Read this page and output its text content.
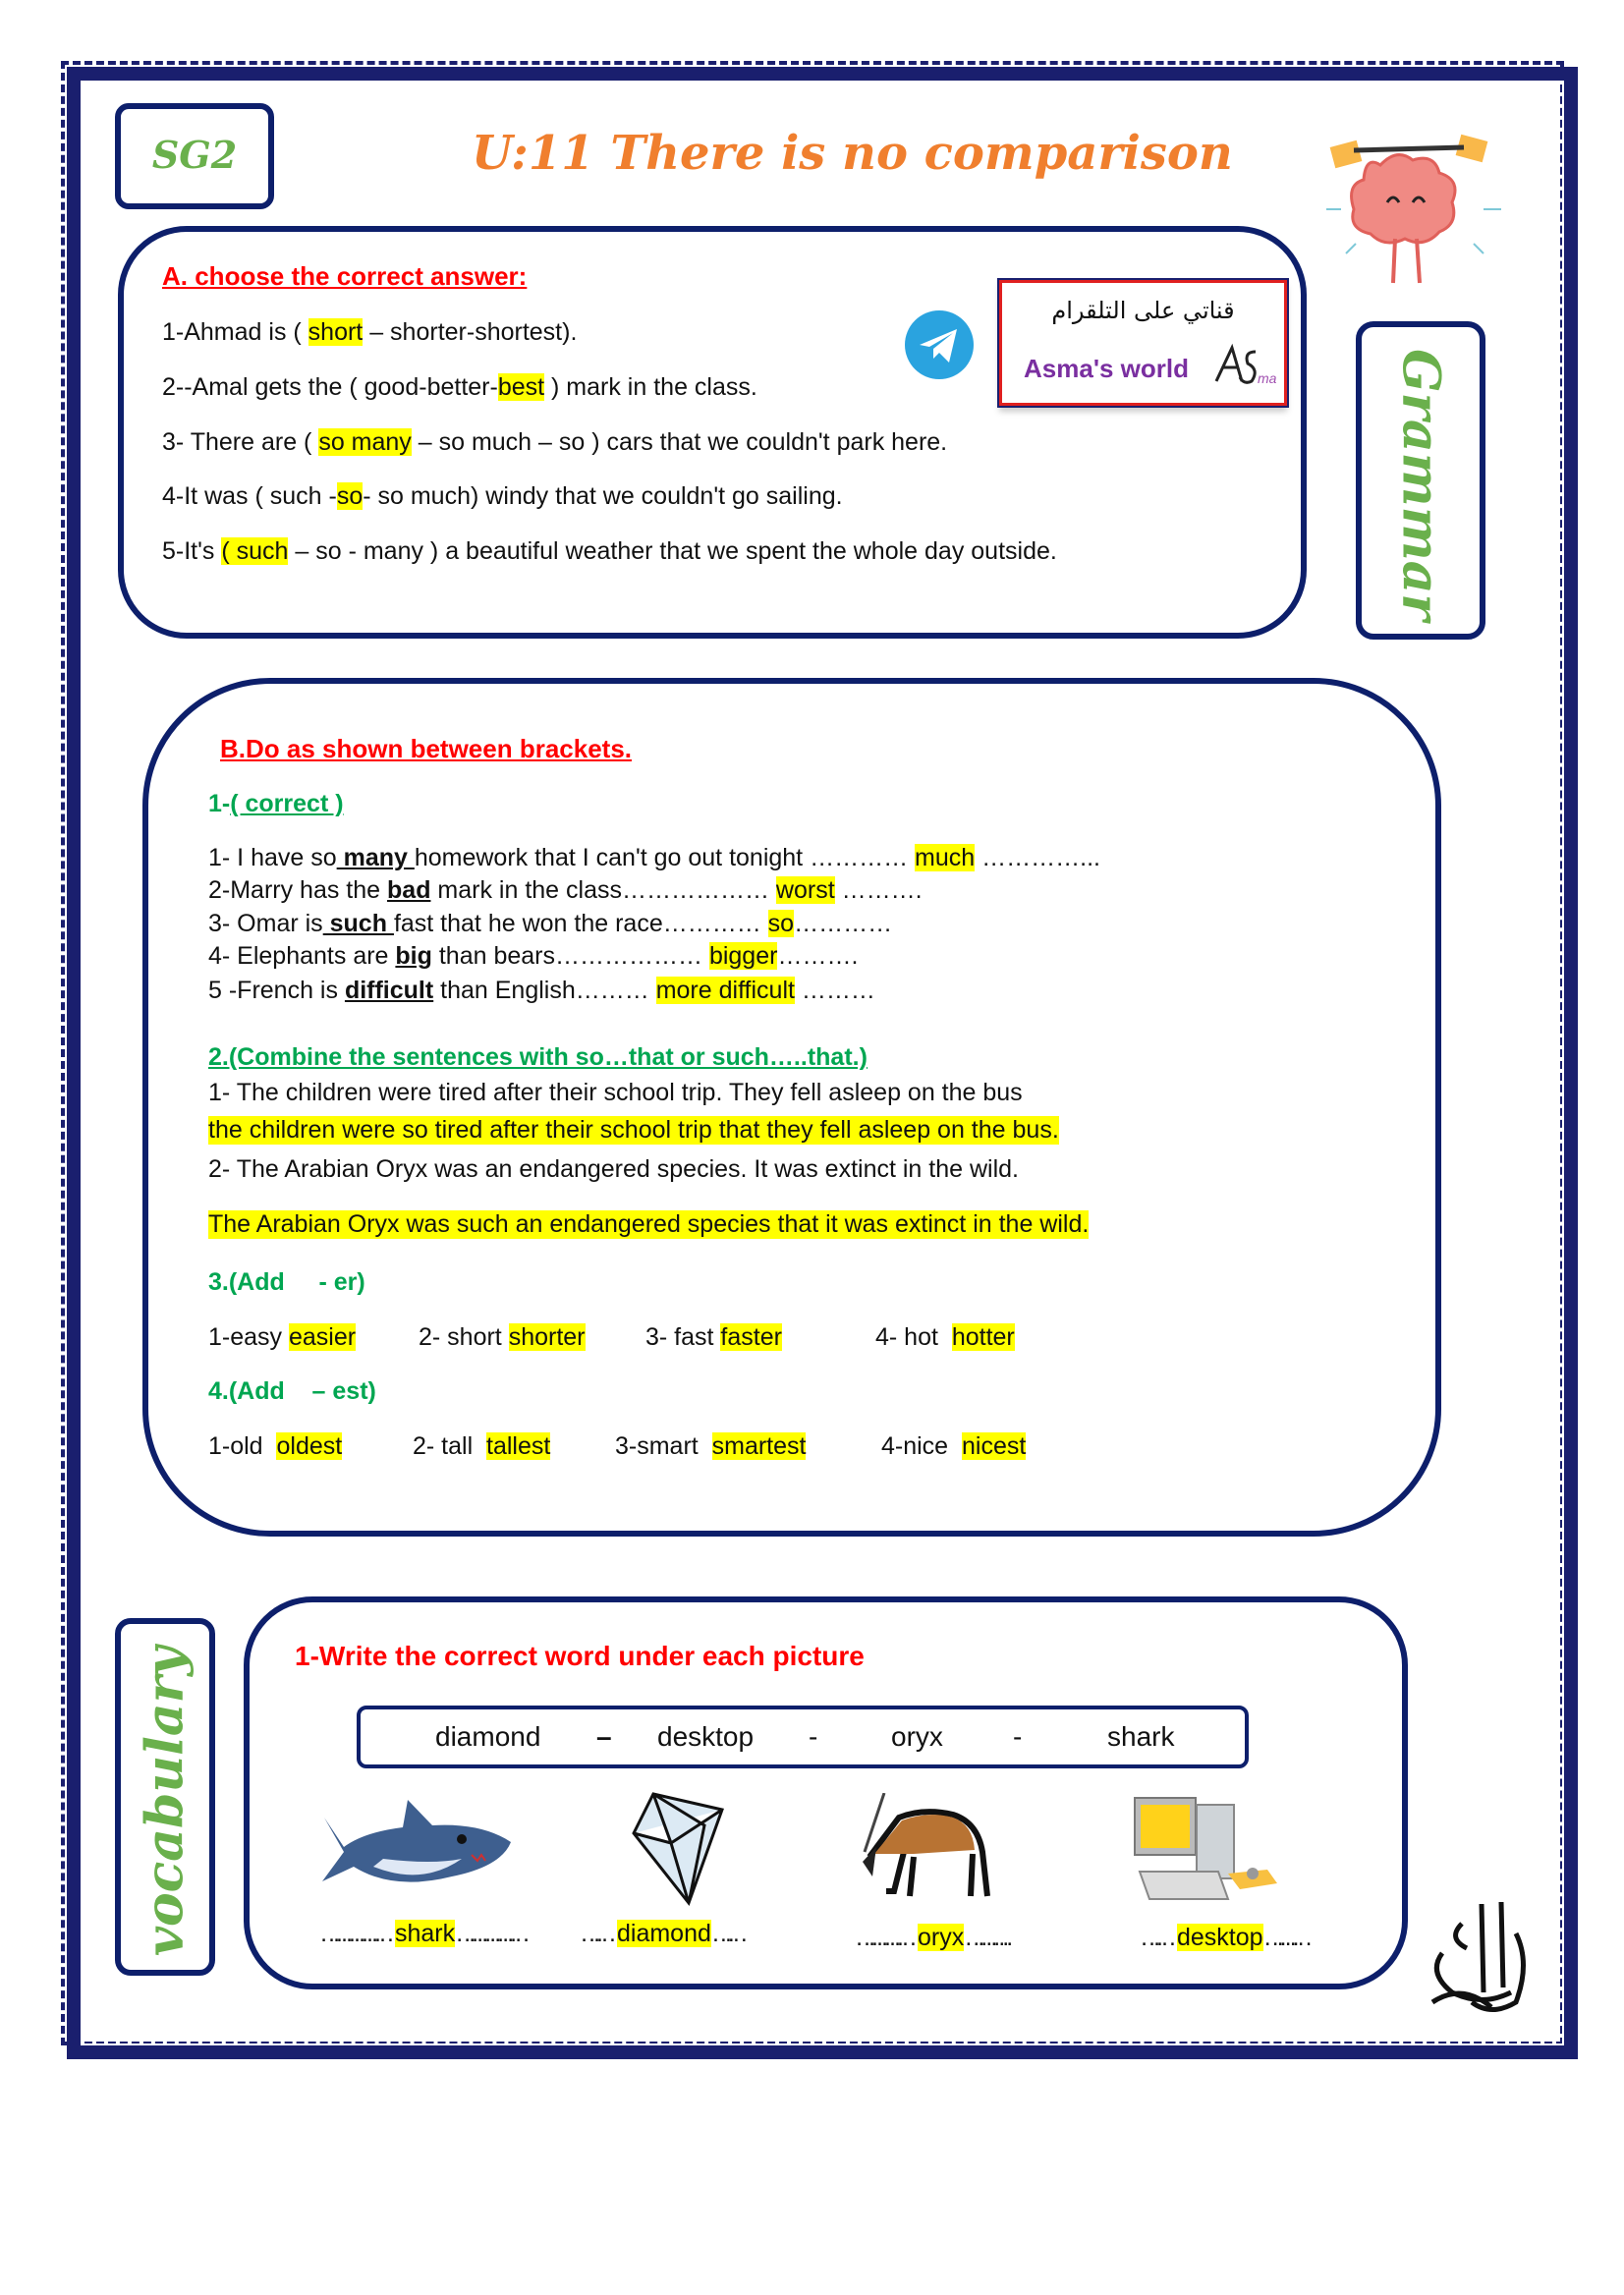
SG2	U:11 There is no comparison
Grammar
A. choose the correct answer:
1-Ahmad is ( short – shorter-shortest).
2--Amal gets the ( good-better-best ) mark in the class.
3- There are ( so many – so much – so ) cars that we couldn't park here.
4-It was ( such -so- so much) windy that we couldn't go sailing.
5-It's ( such – so - many ) a beautiful weather that we spent the whole day outside.
قناتي على التلقرام
Asma's world	ma
B.Do as shown between brackets.
1-( correct )
1- I have so many homework that I can't go out tonight ………… much …………...
2-Marry has the bad mark in the class……………… worst ……….
3- Omar is such fast that he won the race………… so…………
4- Elephants are big than bears……………… bigger……….
5 -French is difficult than English……… more difficult ………
2.(Combine the sentences with so…that or such…..that.)
1- The children were tired after their school trip. They fell asleep on the bus
the children were so tired after their school trip that they fell asleep on the bus.
2- The Arabian Oryx was an endangered species. It was extinct in the wild.
The Arabian Oryx was such an endangered species that it was extinct in the wild.
3.(Add     - er)
1-easy easier	2- short shorter 3- fast faster	4- hot  hotter
4.(Add    – est)
1-old  oldest	2- tall  tallest	3-smart  smartest	4-nice  nicest
vocabulary	1-Write the correct word under each picture
diamond – desktop -	oryx	-	shark
…………… shark……………	…… diamond……	………… oryx……….	…… desktop………
